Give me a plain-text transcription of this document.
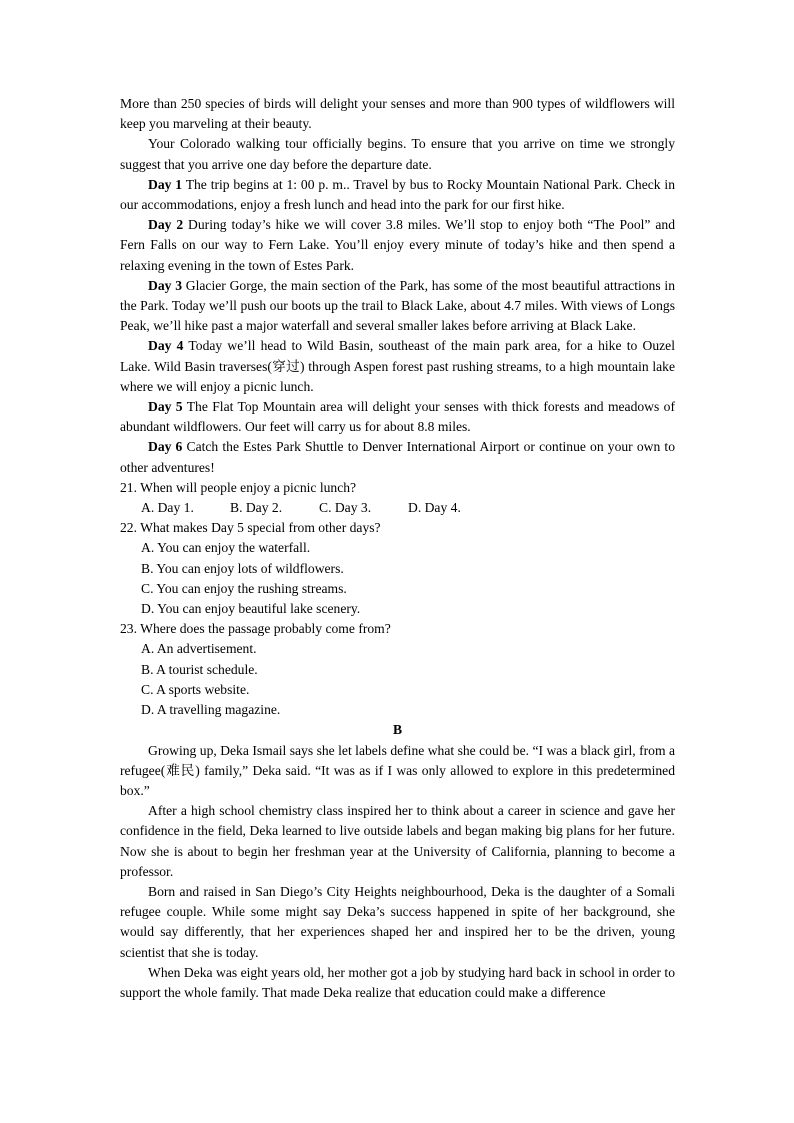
More than 250 species of birds will delight your senses and more than 900 types of wildflowers will keep you marveling at their beauty.

Your Colorado walking tour officially begins. To ensure that you arrive on time we strongly suggest that you arrive one day before the departure date.

Day 1 The trip begins at 1: 00 p. m.. Travel by bus to Rocky Mountain National Park. Check in our accommodations, enjoy a fresh lunch and head into the park for our first hike.

Day 2 During today’s hike we will cover 3.8 miles. We’ll stop to enjoy both “The Pool” and Fern Falls on our way to Fern Lake. You’ll enjoy every minute of today’s hike and then spend a relaxing evening in the town of Estes Park.

Day 3 Glacier Gorge, the main section of the Park, has some of the most beautiful attractions in the Park. Today we’ll push our boots up the trail to Black Lake, about 4.7 miles. With views of Longs Peak, we’ll hike past a major waterfall and several smaller lakes before arriving at Black Lake.

Day 4 Today we’ll head to Wild Basin, southeast of the main park area, for a hike to Ouzel Lake. Wild Basin traverses(穿过) through Aspen forest past rushing streams, to a high mountain lake where we will enjoy a picnic lunch.

Day 5 The Flat Top Mountain area will delight your senses with thick forests and meadows of abundant wildflowers. Our feet will carry us for about 8.8 miles.

Day 6 Catch the Estes Park Shuttle to Denver International Airport or continue on your own to other adventures!

21. When will people enjoy a picnic lunch?
A. Day 1.	B. Day 2.	C. Day 3.	D. Day 4.
22. What makes Day 5 special from other days?
A. You can enjoy the waterfall.
B. You can enjoy lots of wildflowers.
C. You can enjoy the rushing streams.
D. You can enjoy beautiful lake scenery.
23. Where does the passage probably come from?
A. An advertisement.
B. A tourist schedule.
C. A sports website.
D. A travelling magazine.
B

Growing up, Deka Ismail says she let labels define what she could be. “I was a black girl, from a refugee(难民) family,” Deka said. “It was as if I was only allowed to explore in this predetermined box.”

After a high school chemistry class inspired her to think about a career in science and gave her confidence in the field, Deka learned to live outside labels and began making big plans for her future. Now she is about to begin her freshman year at the University of California, planning to become a professor.

Born and raised in San Diego’s City Heights neighbourhood, Deka is the daughter of a Somali refugee couple. While some might say Deka’s success happened in spite of her background, she would say differently, that her experiences shaped her and inspired her to be the driven, young scientist that she is today.

When Deka was eight years old, her mother got a job by studying hard back in school in order to support the whole family. That made Deka realize that education could make a difference
